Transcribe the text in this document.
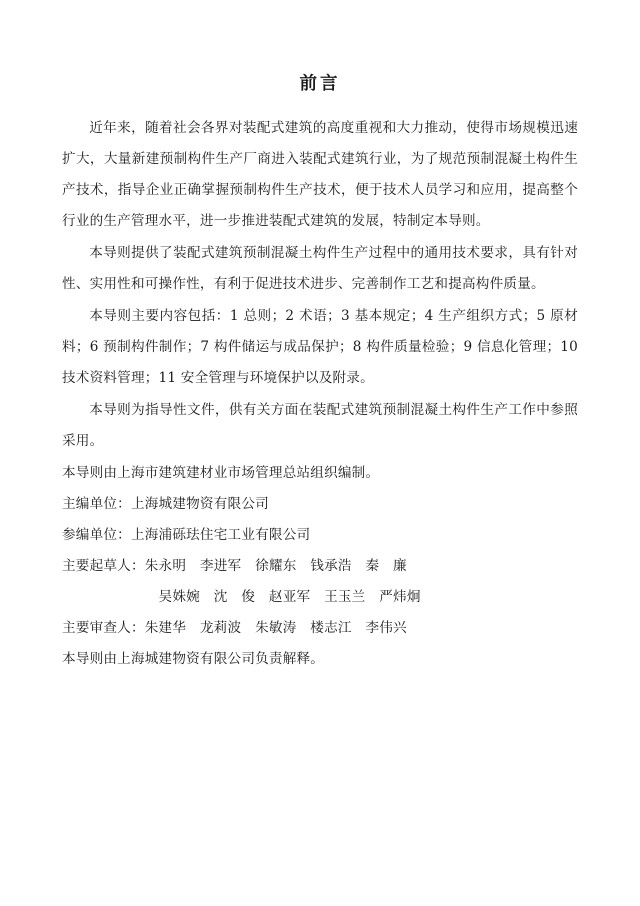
前言

近年来，随着社会各界对装配式建筑的高度重视和大力推动，使得市场规模迅速扩大，大量新建预制构件生产厂商进入装配式建筑行业，为了规范预制混凝土构件生产技术，指导企业正确掌握预制构件生产技术，便于技术人员学习和应用，提高整个行业的生产管理水平，进一步推进装配式建筑的发展，特制定本导则。

本导则提供了装配式建筑预制混凝土构件生产过程中的通用技术要求，具有针对性、实用性和可操作性，有利于促进技术进步、完善制作工艺和提高构件质量。

本导则主要内容包括：1 总则；2 术语；3 基本规定；4 生产组织方式；5 原材料；6 预制构件制作；7 构件储运与成品保护；8 构件质量检验；9 信息化管理；10 技术资料管理；11 安全管理与环境保护以及附录。

本导则为指导性文件，供有关方面在装配式建筑预制混凝土构件生产工作中参照采用。

本导则由上海市建筑建材业市场管理总站组织编制。

主编单位：上海城建物资有限公司

参编单位：上海浦砾珐住宅工业有限公司

主要起草人：朱永明　李进军　徐耀东　钱承浩　秦　廉

吴姝婉　沈　俊　赵亚军　王玉兰　严炜炯

主要审查人：朱建华　龙莉波　朱敏涛　楼志江　李伟兴

本导则由上海城建物资有限公司负责解释。
